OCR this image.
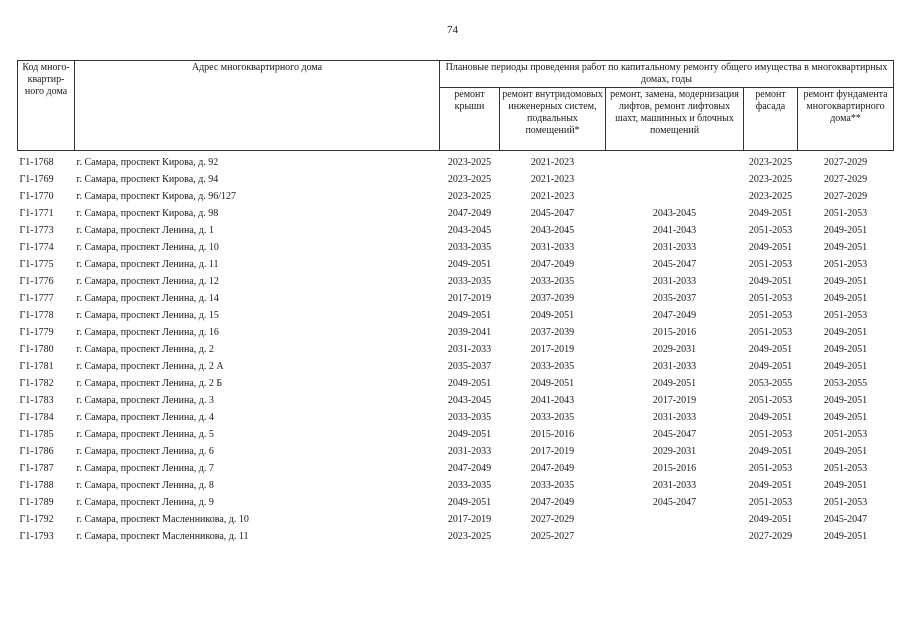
74
Код много-квартир-ного дома	Адрес многоквартирного дома	Плановые периоды проведения работ по капитальному ремонту общего имущества в многоквартирных домах, годы				
		ремонт крыши	ремонт внутридомовых инженерных систем, подвальных помещений*	ремонт, замена, модернизация лифтов, ремонт лифтовых шахт, машинных и блочных помещений	ремонт фасада	ремонт фундамента многоквартирного дома**
Г1-1768	г. Самара, проспект Кирова, д. 92	2023-2025	2021-2023		2023-2025	2027-2029
Г1-1769	г. Самара, проспект Кирова, д. 94	2023-2025	2021-2023		2023-2025	2027-2029
Г1-1770	г. Самара, проспект Кирова, д. 96/127	2023-2025	2021-2023		2023-2025	2027-2029
Г1-1771	г. Самара, проспект Кирова, д. 98	2047-2049	2045-2047	2043-2045	2049-2051	2051-2053
Г1-1773	г. Самара, проспект Ленина, д. 1	2043-2045	2043-2045	2041-2043	2051-2053	2049-2051
Г1-1774	г. Самара, проспект Ленина, д. 10	2033-2035	2031-2033	2031-2033	2049-2051	2049-2051
Г1-1775	г. Самара, проспект Ленина, д. 11	2049-2051	2047-2049	2045-2047	2051-2053	2051-2053
Г1-1776	г. Самара, проспект Ленина, д. 12	2033-2035	2033-2035	2031-2033	2049-2051	2049-2051
Г1-1777	г. Самара, проспект Ленина, д. 14	2017-2019	2037-2039	2035-2037	2051-2053	2049-2051
Г1-1778	г. Самара, проспект Ленина, д. 15	2049-2051	2049-2051	2047-2049	2051-2053	2051-2053
Г1-1779	г. Самара, проспект Ленина, д. 16	2039-2041	2037-2039	2015-2016	2051-2053	2049-2051
Г1-1780	г. Самара, проспект Ленина, д. 2	2031-2033	2017-2019	2029-2031	2049-2051	2049-2051
Г1-1781	г. Самара, проспект Ленина, д. 2 А	2035-2037	2033-2035	2031-2033	2049-2051	2049-2051
Г1-1782	г. Самара, проспект Ленина, д. 2 Б	2049-2051	2049-2051	2049-2051	2053-2055	2053-2055
Г1-1783	г. Самара, проспект Ленина, д. 3	2043-2045	2041-2043	2017-2019	2051-2053	2049-2051
Г1-1784	г. Самара, проспект Ленина, д. 4	2033-2035	2033-2035	2031-2033	2049-2051	2049-2051
Г1-1785	г. Самара, проспект Ленина, д. 5	2049-2051	2015-2016	2045-2047	2051-2053	2051-2053
Г1-1786	г. Самара, проспект Ленина, д. 6	2031-2033	2017-2019	2029-2031	2049-2051	2049-2051
Г1-1787	г. Самара, проспект Ленина, д. 7	2047-2049	2047-2049	2015-2016	2051-2053	2051-2053
Г1-1788	г. Самара, проспект Ленина, д. 8	2033-2035	2033-2035	2031-2033	2049-2051	2049-2051
Г1-1789	г. Самара, проспект Ленина, д. 9	2049-2051	2047-2049	2045-2047	2051-2053	2051-2053
Г1-1792	г. Самара, проспект Масленникова, д. 10	2017-2019	2027-2029		2049-2051	2045-2047
Г1-1793	г. Самара, проспект Масленникова, д. 11	2023-2025	2025-2027		2027-2029	2049-2051
